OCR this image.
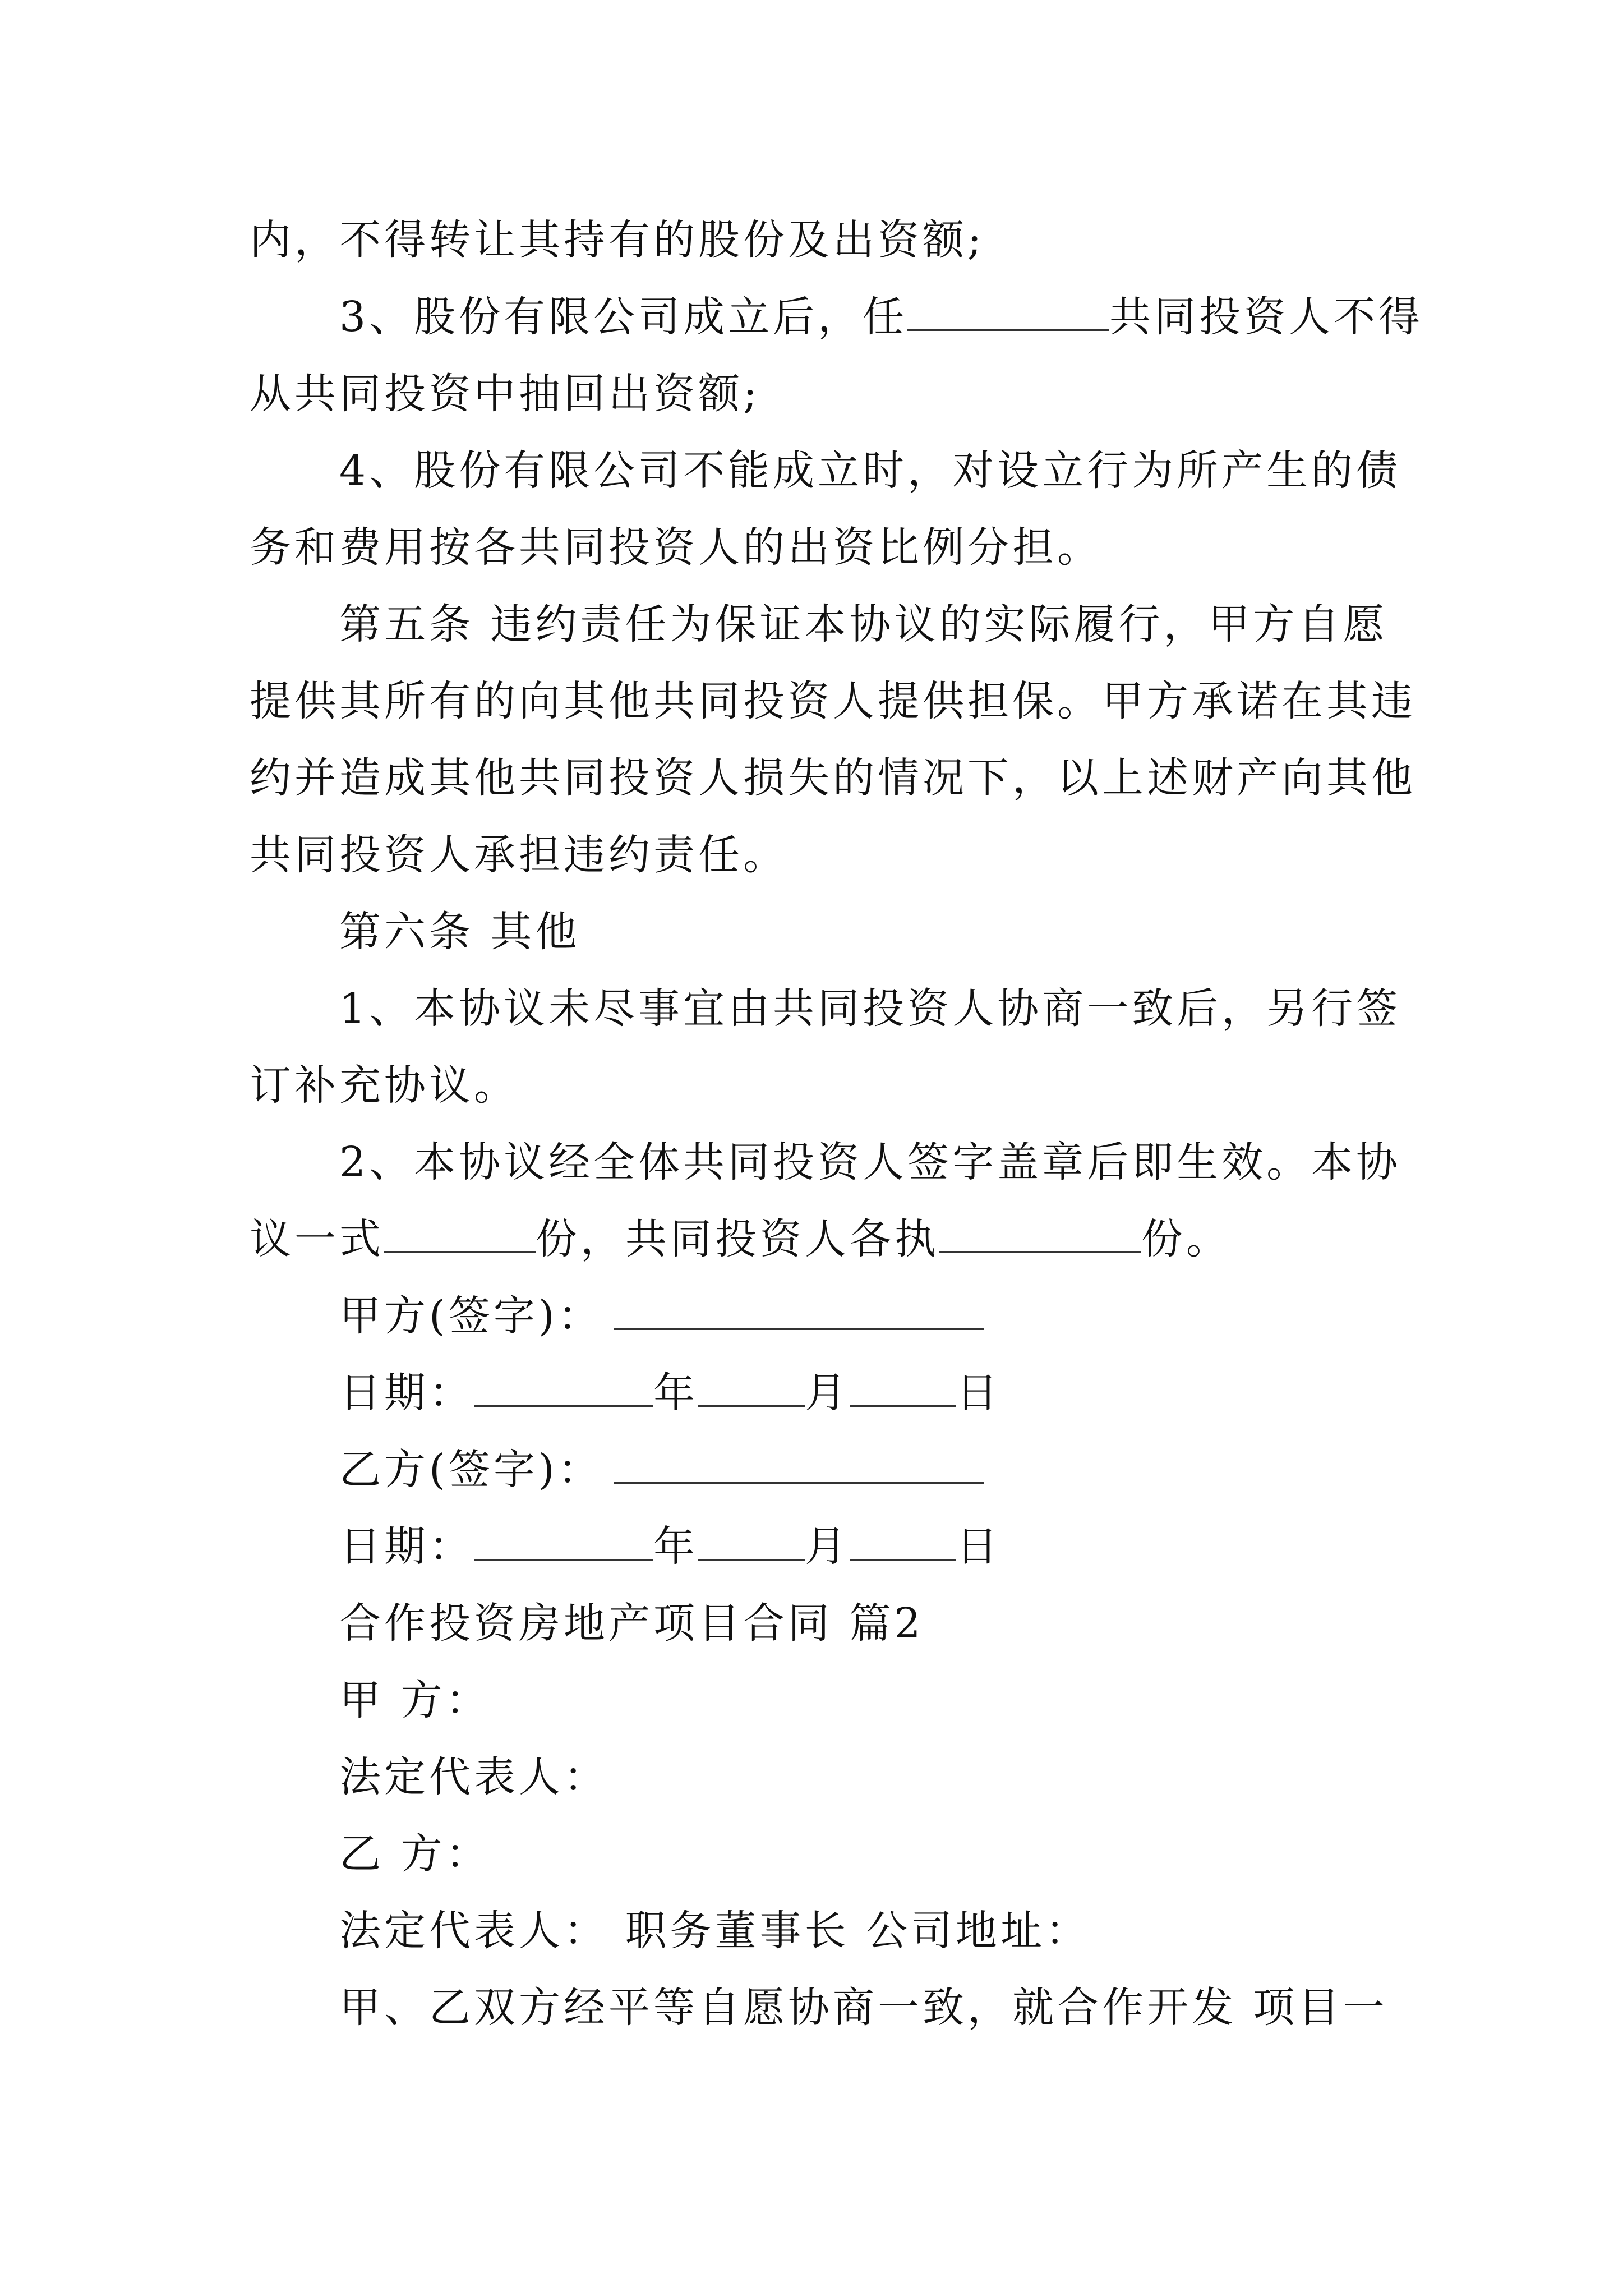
内，不得转让其持有的股份及出资额;
3、股份有限公司成立后，任	共同投资人不得
从共同投资中抽回出资额;
4、股份有限公司不能成立时，对设立行为所产生的债
务和费用按各共同投资人的出资比例分担。
第五条 违约责任为保证本协议的实际履行，甲方自愿
提供其所有的向其他共同投资人提供担保。甲方承诺在其违
约并造成其他共同投资人损失的情况下，以上述财产向其他
共同投资人承担违约责任。
第六条 其他
1、本协议未尽事宜由共同投资人协商一致后，另行签
订补充协议。
2、本协议经全体共同投资人签字盖章后即生效。本协
议一式	份，共同投资人各执	份。
甲方(签字)：
日期：	年	月	日
乙方(签字)：
日期：	年	月	日
合作投资房地产项目合同 篇2
甲 方：
法定代表人：
乙 方：
法定代表人： 职务董事长 公司地址：
甲、乙双方经平等自愿协商一致，就合作开发 项目一
